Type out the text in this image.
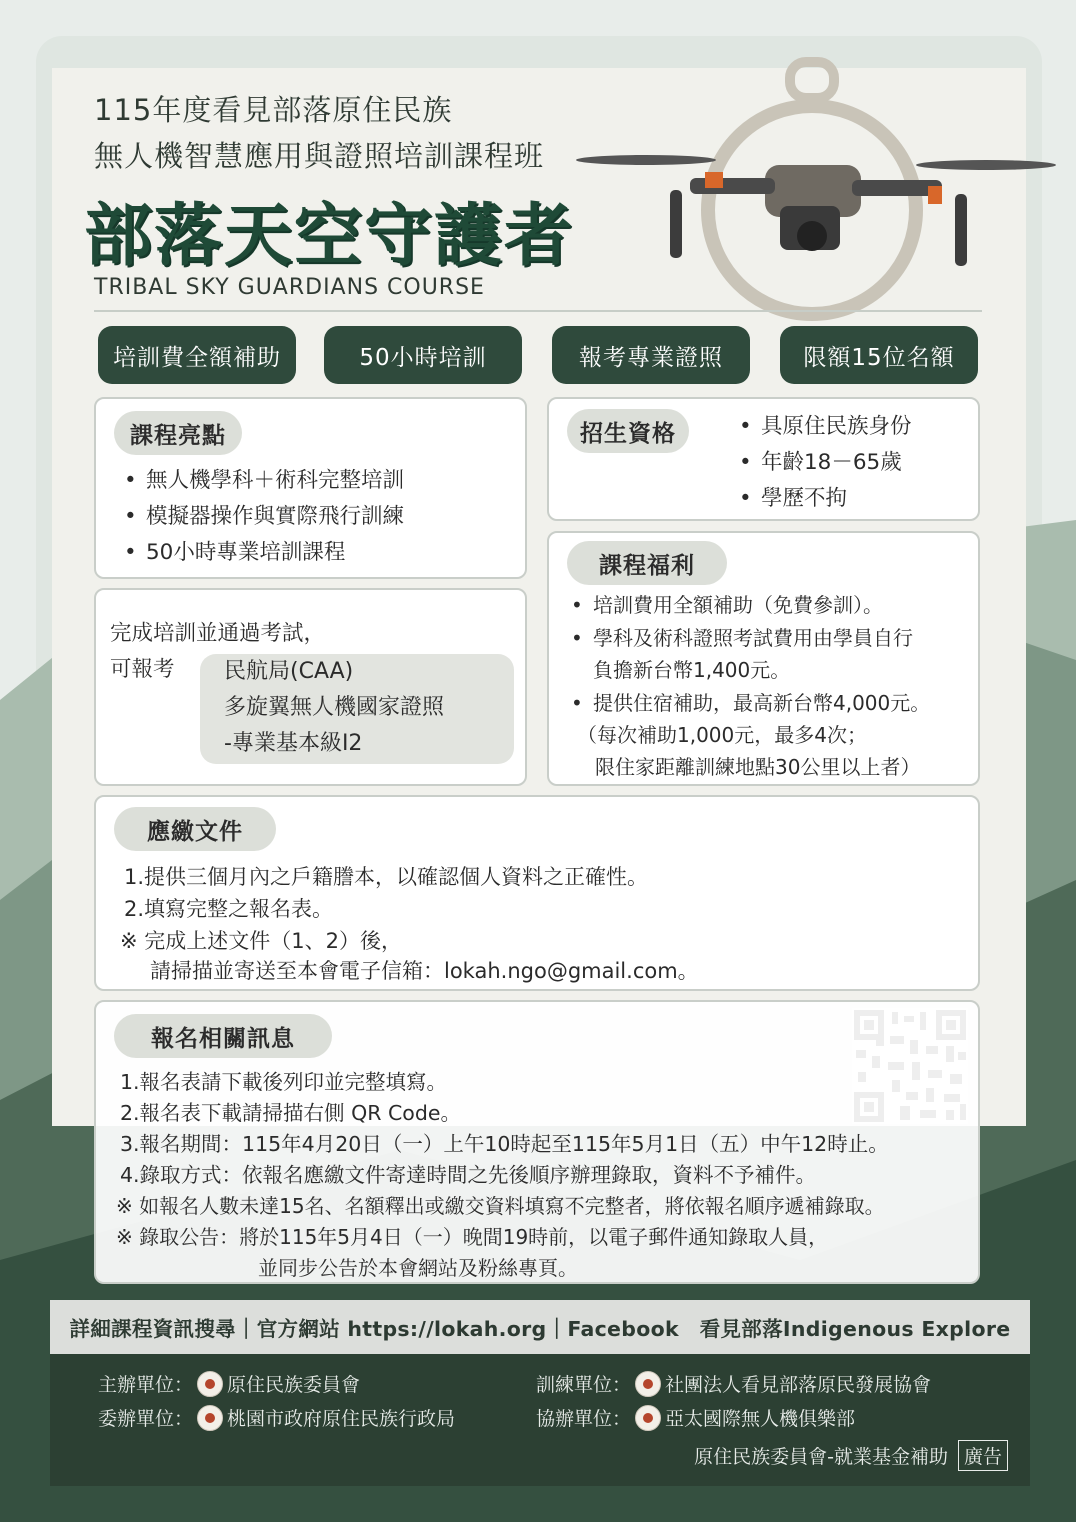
115年度看見部落原住民族
無人機智慧應用與證照培訓課程班
部落天空守護者
TRIBAL SKY GUARDIANS COURSE
培訓費全額補助	50小時培訓	報考專業證照	限額15位名額
課程亮點
• 無人機學科＋術科完整培訓
• 模擬器操作與實際飛行訓練
• 50小時專業培訓課程
完成培訓並通過考試，
可報考 民航局(CAA)
多旋翼無人機國家證照
-專業基本級I2
招生資格
•	具原住民族身份
• 年齡18－65歲
• 學歷不拘
課程福利
• 培訓費用全額補助（免費參訓）。
• 學科及術科證照考試費用由學員自行
負擔新台幣1,400元。
• 提供住宿補助，最高新台幣4,000元。
（每次補助1,000元，最多4次；
限住家距離訓練地點30公里以上者）
應繳文件
1.提供三個月內之戶籍謄本，以確認個人資料之正確性。
2.填寫完整之報名表。
※ 完成上述文件（1、2）後，
請掃描並寄送至本會電子信箱：lokah.ngo@gmail.com。
報名相關訊息
1.報名表請下載後列印並完整填寫。
2.報名表下載請掃描右側 QR Code。
3.報名期間：115年4月20日（一）上午10時起至115年5月1日（五）中午12時止。
4.錄取方式：依報名應繳文件寄達時間之先後順序辦理錄取，資料不予補件。
※ 如報名人數未達15名、名額釋出或繳交資料填寫不完整者，將依報名順序遞補錄取。
※ 錄取公告：將於115年5月4日（一）晚間19時前，以電子郵件通知錄取人員，
並同步公告於本會網站及粉絲專頁。
詳細課程資訊搜尋｜官方網站 https://lokah.org｜Facebook　看見部落Indigenous Explore
主辦單位： 原住民族委員會
委辦單位： 桃園市政府原住民族行政局
訓練單位： 社團法人看見部落原民發展協會
協辦單位： 亞太國際無人機俱樂部
原住民族委員會-就業基金補助 廣告
